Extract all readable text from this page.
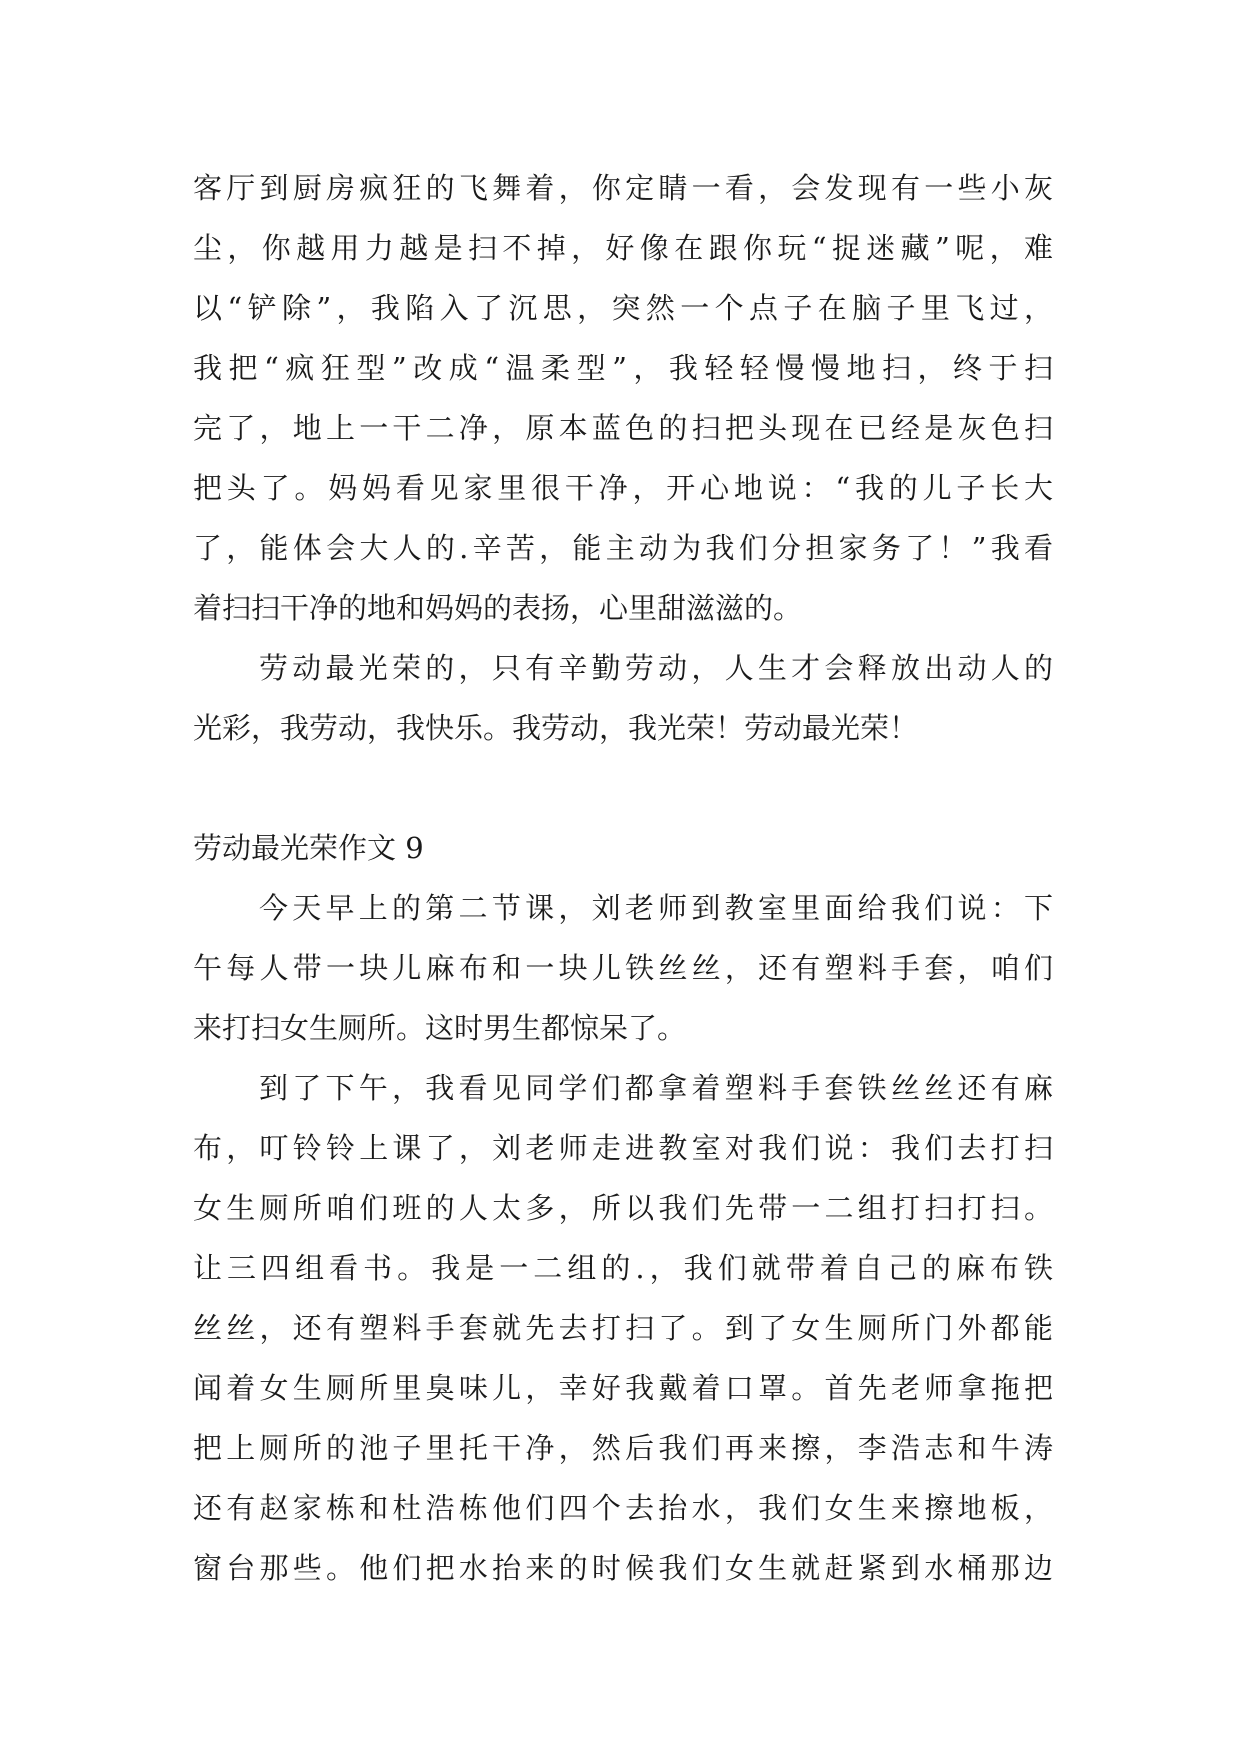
客厅到厨房疯狂的飞舞着，你定睛一看，会发现有一些小灰
尘，你越用力越是扫不掉，好像在跟你玩“捉迷藏”呢，难
以“铲除”，我陷入了沉思，突然一个点子在脑子里飞过，
我把“疯狂型”改成“温柔型”，我轻轻慢慢地扫，终于扫
完了，地上一干二净，原本蓝色的扫把头现在已经是灰色扫
把头了。妈妈看见家里很干净，开心地说：“我的儿子长大
了，能体会大人的.辛苦，能主动为我们分担家务了！”我看
着扫扫干净的地和妈妈的表扬，心里甜滋滋的。
劳动最光荣的，只有辛勤劳动，人生才会释放出动人的
光彩，我劳动，我快乐。我劳动，我光荣！劳动最光荣！
劳动最光荣作文 9
今天早上的第二节课，刘老师到教室里面给我们说：下
午每人带一块儿麻布和一块儿铁丝丝，还有塑料手套，咱们
来打扫女生厕所。这时男生都惊呆了。
到了下午，我看见同学们都拿着塑料手套铁丝丝还有麻
布，叮铃铃上课了，刘老师走进教室对我们说：我们去打扫
女生厕所咱们班的人太多，所以我们先带一二组打扫打扫。
让三四组看书。我是一二组的.，我们就带着自己的麻布铁
丝丝，还有塑料手套就先去打扫了。到了女生厕所门外都能
闻着女生厕所里臭味儿，幸好我戴着口罩。首先老师拿拖把
把上厕所的池子里托干净，然后我们再来擦，李浩志和牛涛
还有赵家栋和杜浩栋他们四个去抬水，我们女生来擦地板，
窗台那些。他们把水抬来的时候我们女生就赶紧到水桶那边
